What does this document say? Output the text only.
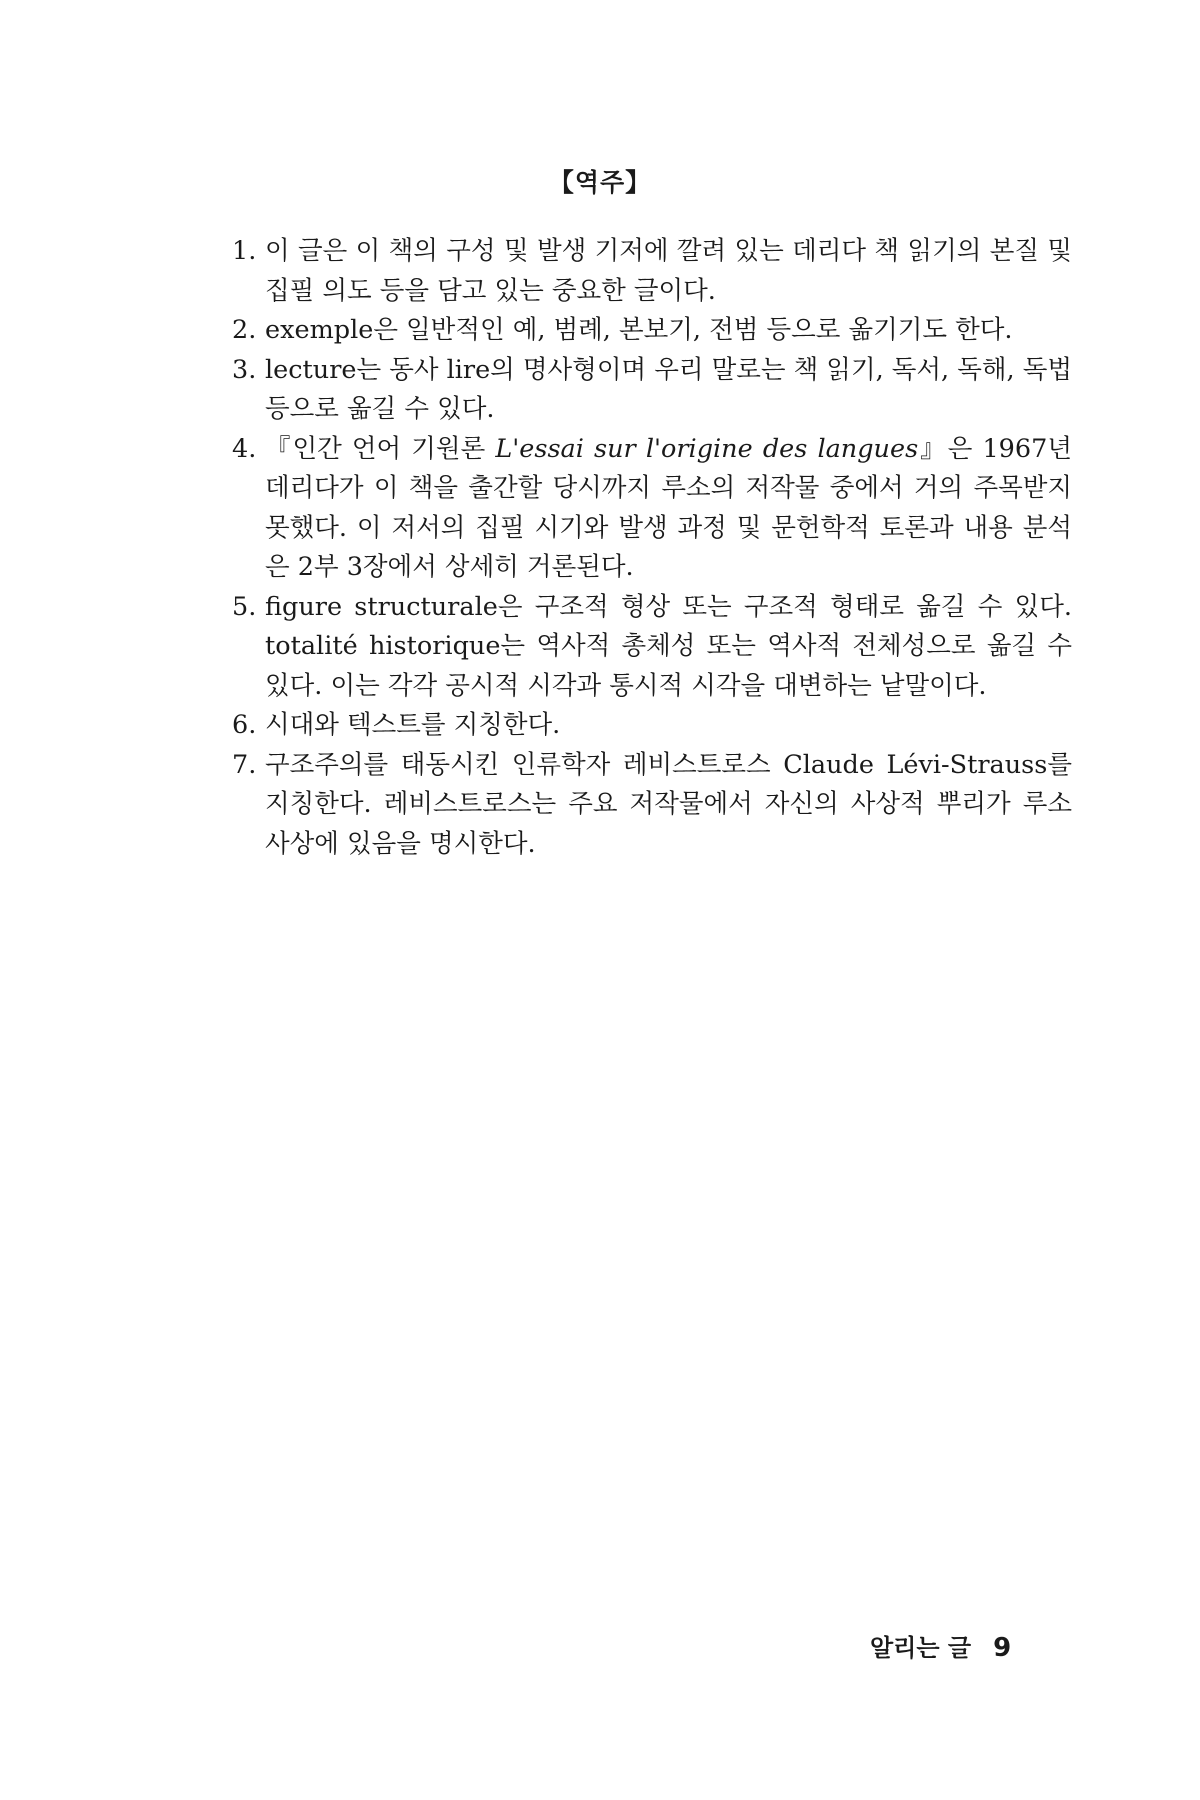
【역주】
1. 이 글은 이 책의 구성 및 발생 기저에 깔려 있는 데리다 책 읽기의 본질 및 집필 의도 등을 담고 있는 중요한 글이다.
2. exemple은 일반적인 예, 범례, 본보기, 전범 등으로 옮기기도 한다.
3. lecture는 동사 lire의 명사형이며 우리 말로는 책 읽기, 독서, 독해, 독법 등으로 옮길 수 있다.
4. 『인간 언어 기원론 L'essai sur l'origine des langues』은 1967년 데리다가 이 책을 출간할 당시까지 루소의 저작물 중에서 거의 주목받지 못했다. 이 저서의 집필 시기와 발생 과정 및 문헌학적 토론과 내용 분석은 2부 3장에서 상세히 거론된다.
5. figure structurale은 구조적 형상 또는 구조적 형태로 옮길 수 있다. totalité historique는 역사적 총체성 또는 역사적 전체성으로 옮길 수 있다. 이는 각각 공시적 시각과 통시적 시각을 대변하는 낱말이다.
6. 시대와 텍스트를 지칭한다.
7. 구조주의를 태동시킨 인류학자 레비스트로스 Claude Lévi-Strauss를 지칭한다. 레비스트로스는 주요 저작물에서 자신의 사상적 뿌리가 루소 사상에 있음을 명시한다.
알리는 글 9
